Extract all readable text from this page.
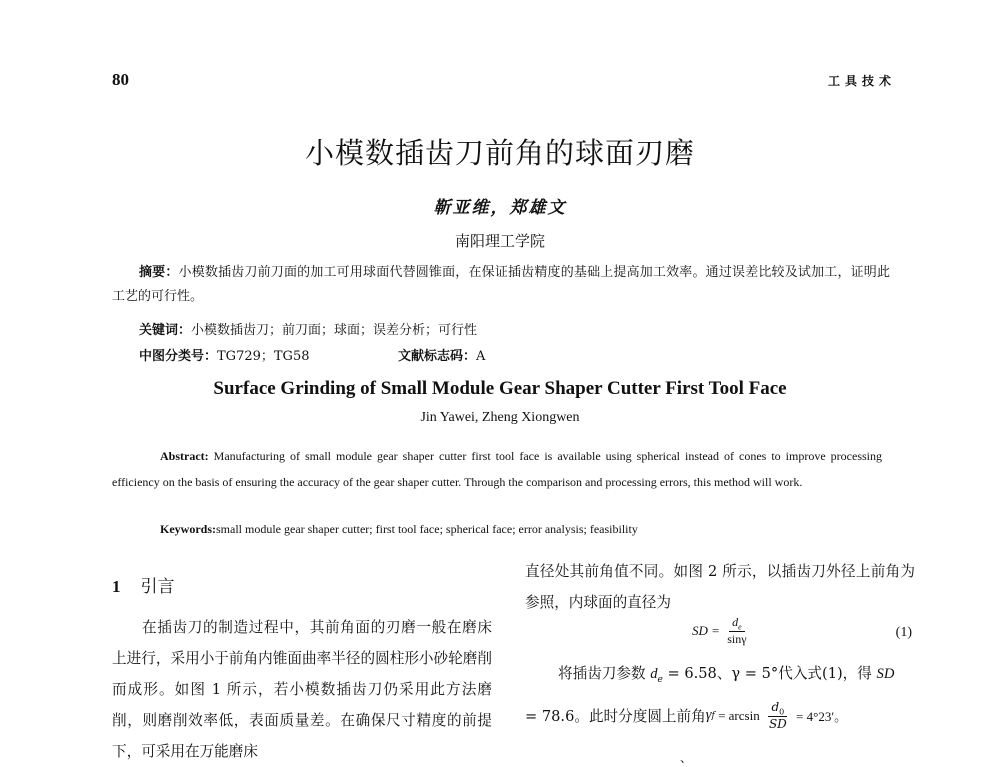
80	工具技术
小模数插齿刀前角的球面刃磨
靳亚维，郑雄文
南阳理工学院
摘要：小模数插齿刀前刀面的加工可用球面代替圆锥面，在保证插齿精度的基础上提高加工效率。通过误差比较及试加工，证明此工艺的可行性。
关键词：小模数插齿刀；前刀面；球面；误差分析；可行性
中图分类号：TG729；TG58	文献标志码：A
Surface Grinding of Small Module Gear Shaper Cutter First Tool Face
Jin Yawei, Zheng Xiongwen
Abstract: Manufacturing of small module gear shaper cutter first tool face is available using spherical instead of cones to improve processing efficiency on the basis of ensuring the accuracy of the gear shaper cutter. Through the comparison and processing errors, this method will work.
Keywords:small module gear shaper cutter; first tool face; spherical face; error analysis; feasibility
1 引言
在插齿刀的制造过程中，其前角面的刃磨一般在磨床上进行，采用小于前角内锥面曲率半径的圆柱形小砂轮磨削而成形。如图 1 所示，若小模数插齿刀仍采用此方法磨削，则磨削效率低，表面质量差。在确保尺寸精度的前提下，可采用在万能磨床
直径处其前角值不同。如图 2 所示，以插齿刀外径上前角为参照，内球面的直径为
SD = $\frac{d_e}{\sin\gamma}$	(1)
将插齿刀参数 $d_e = 6.58$、γ = 5°代入式(1)，得 SD
= 78.6。此时分度圆上前角 γ $f = \arcsin \frac{d_0}{SD} = 4^\circ 23'$。
、
